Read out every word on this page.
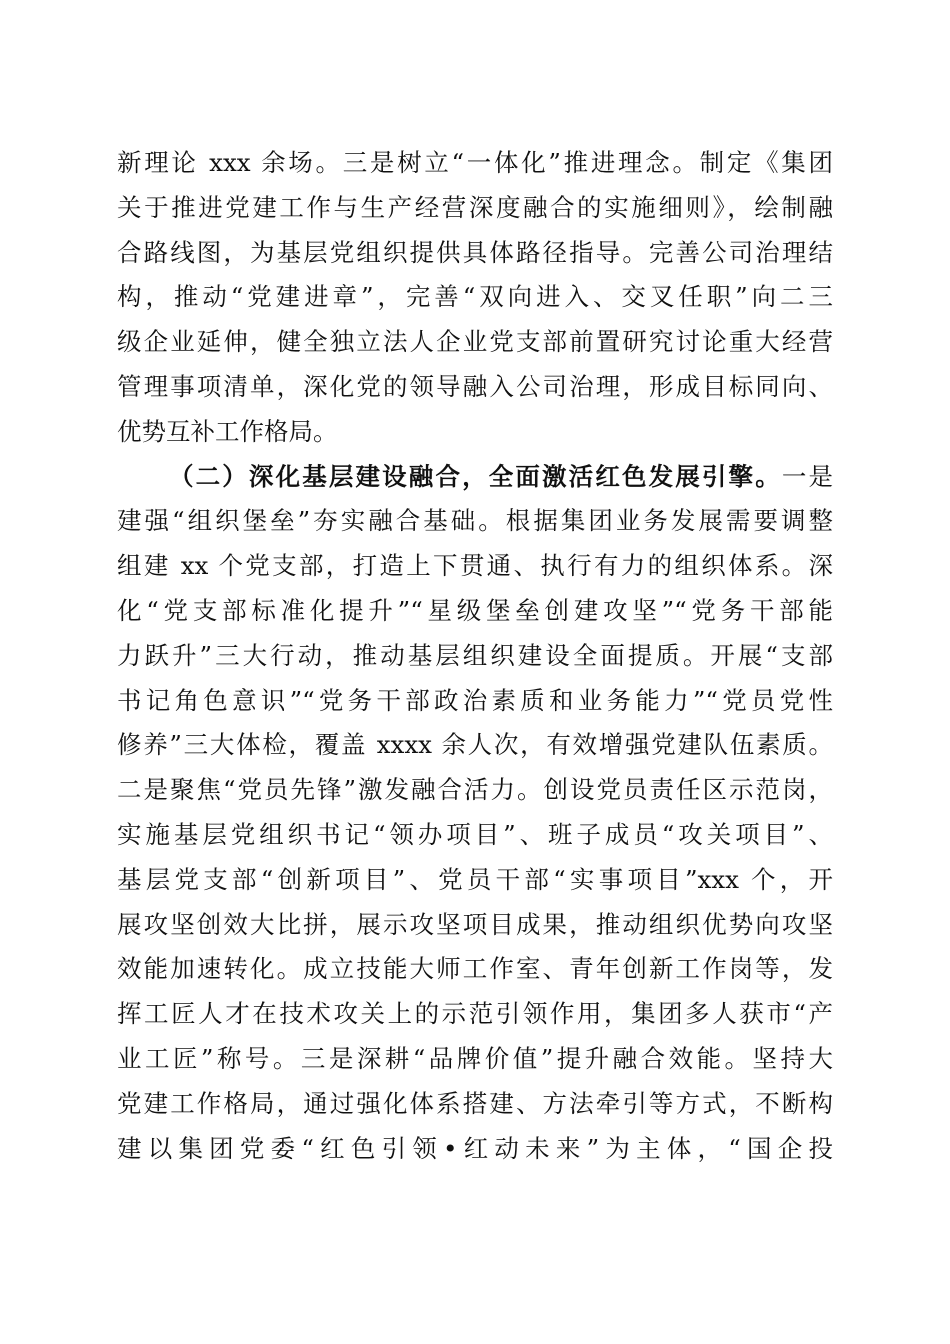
新理论 xxx 余场。三是树立“一体化”推进理念。制定《集团
关于推进党建工作与生产经营深度融合的实施细则》，绘制融
合路线图，为基层党组织提供具体路径指导。完善公司治理结
构，推动“党建进章”，完善“双向进入、交叉任职”向二三
级企业延伸，健全独立法人企业党支部前置研究讨论重大经营
管理事项清单，深化党的领导融入公司治理，形成目标同向、
优势互补工作格局。
（二）深化基层建设融合，全面激活红色发展引擎。一是
建强“组织堡垒”夯实融合基础。根据集团业务发展需要调整
组建 xx 个党支部，打造上下贯通、执行有力的组织体系。深
化“党支部标准化提升”“星级堡垒创建攻坚”“党务干部能
力跃升”三大行动，推动基层组织建设全面提质。开展“支部
书记角色意识”“党务干部政治素质和业务能力”“党员党性
修养”三大体检，覆盖 xxxx 余人次，有效增强党建队伍素质。
二是聚焦“党员先锋”激发融合活力。创设党员责任区示范岗，
实施基层党组织书记“领办项目”、班子成员“攻关项目”、
基层党支部“创新项目”、党员干部“实事项目”xxx 个，开
展攻坚创效大比拼，展示攻坚项目成果，推动组织优势向攻坚
效能加速转化。成立技能大师工作室、青年创新工作岗等，发
挥工匠人才在技术攻关上的示范引领作用，集团多人获市“产
业工匠”称号。三是深耕“品牌价值”提升融合效能。坚持大
党建工作格局，通过强化体系搭建、方法牵引等方式，不断构
建以集团党委“红色引领•红动未来”为主体，“国企投
